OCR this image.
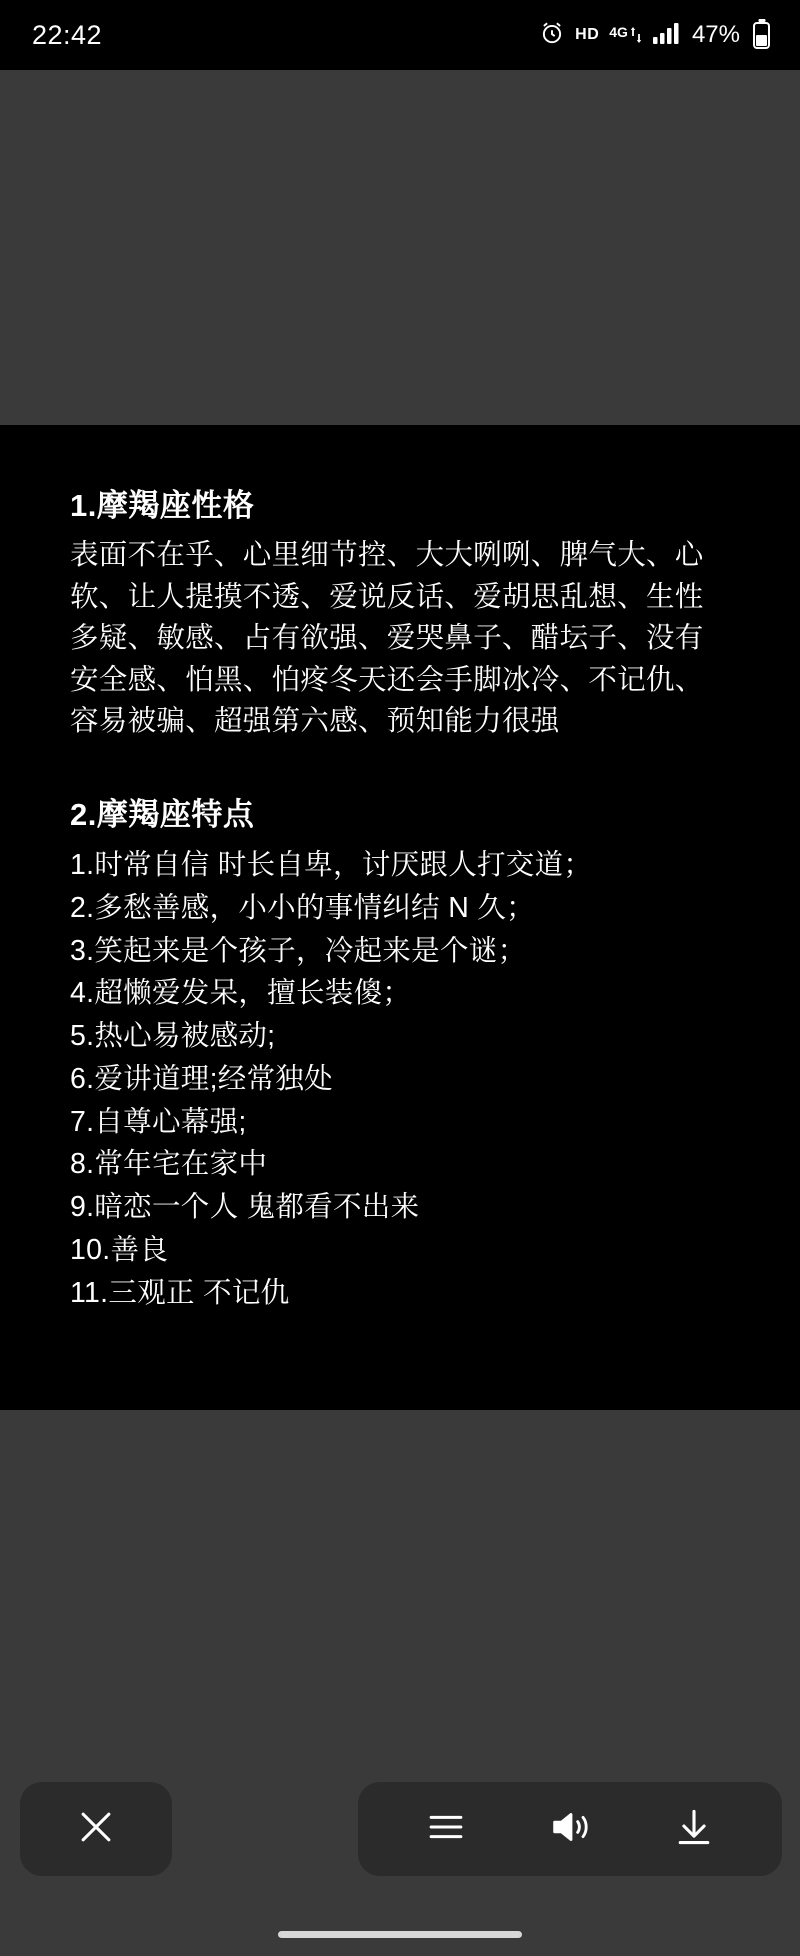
22:42	HD 4G	47%
1.摩羯座性格
表面不在乎、心里细节控、大大咧咧、脾气大、心软、让人提摸不透、爱说反话、爱胡思乱想、生性多疑、敏感、占有欲强、爱哭鼻子、醋坛子、没有安全感、怕黑、怕疼冬天还会手脚冰冷、不记仇、容易被骗、超强第六感、预知能力很强
2.摩羯座特点
1.时常自信 时长自卑，讨厌跟人打交道；
2.多愁善感，小小的事情纠结 N 久；
3.笑起来是个孩子，冷起来是个谜；
4.超懒爱发呆，擅长装傻；
5.热心易被感动;
6.爱讲道理;经常独处
7.自尊心幕强;
8.常年宅在家中
9.暗恋一个人 鬼都看不出来
10.善良
11.三观正 不记仇
